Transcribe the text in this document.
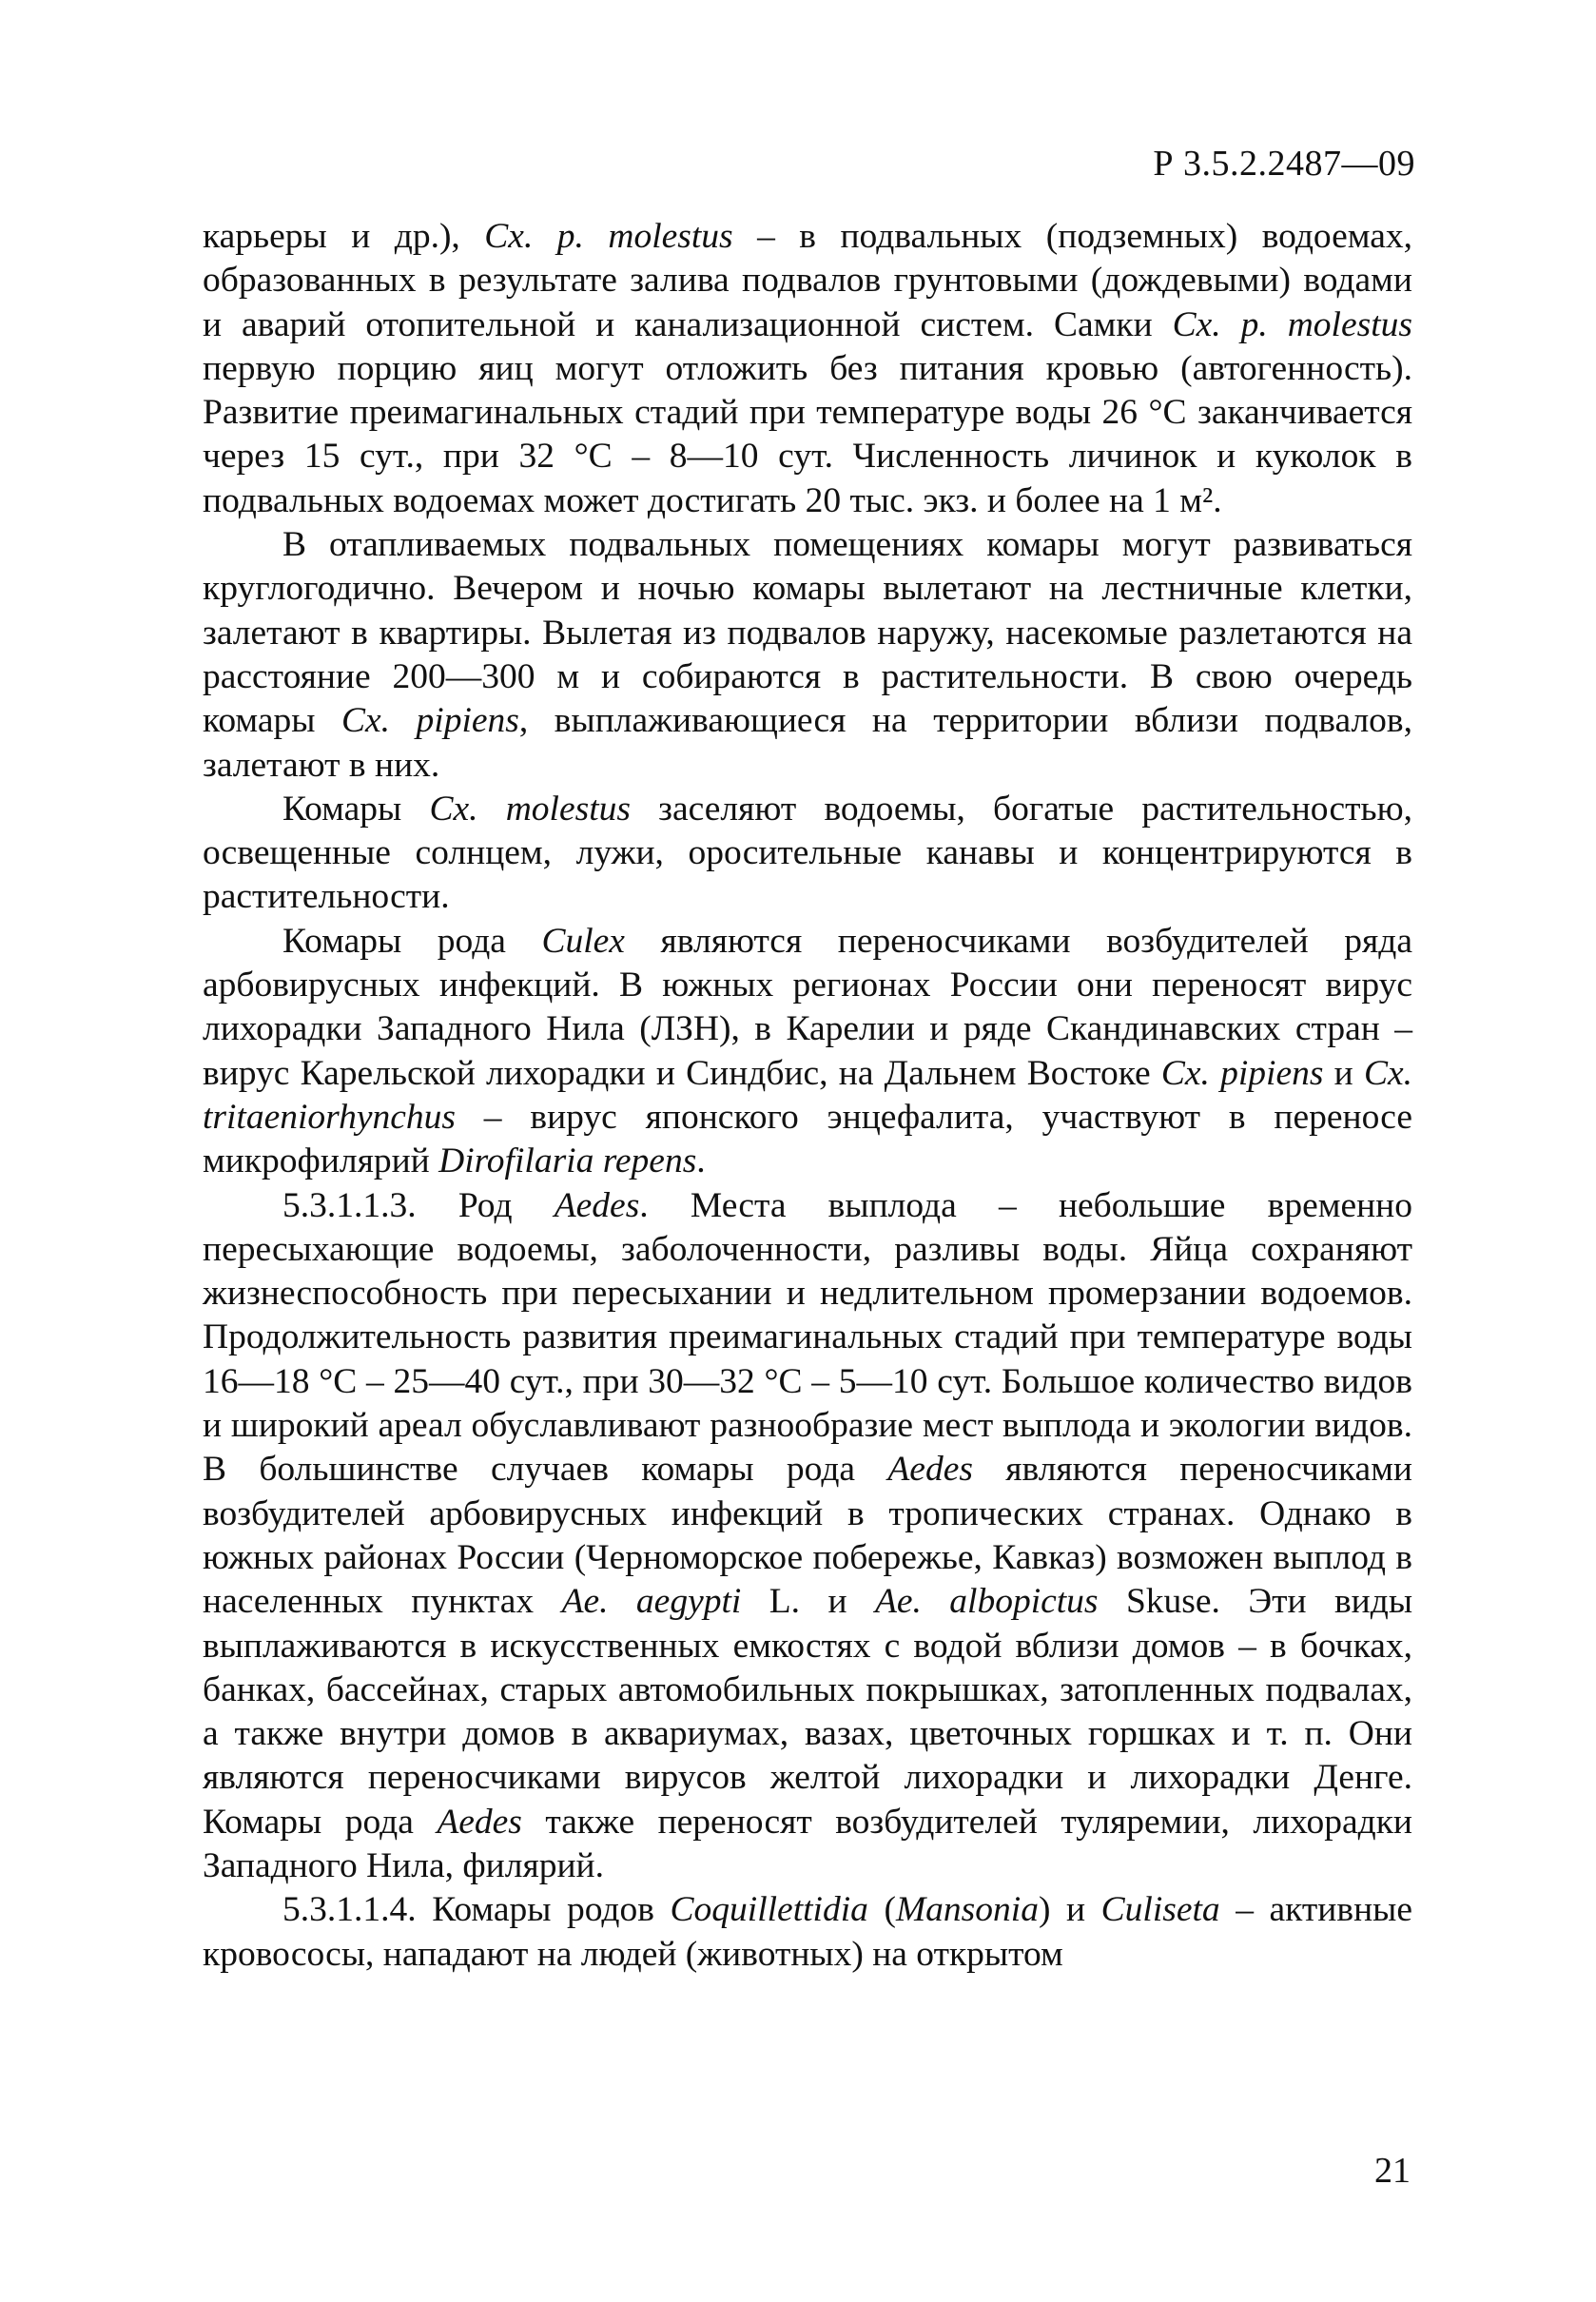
Р 3.5.2.2487—09

карьеры и др.), Cx. p. molestus – в подвальных (подземных) водоемах, образованных в результате залива подвалов грунтовыми (дождевыми) водами и аварий отопительной и канализационной систем. Самки Cx. p. molestus первую порцию яиц могут отложить без питания кровью (автогенность). Развитие преимагинальных стадий при температуре воды 26 °С заканчивается через 15 сут., при 32 °С – 8—10 сут. Численность личинок и куколок в подвальных водоемах может достигать 20 тыс. экз. и более на 1 м².

В отапливаемых подвальных помещениях комары могут развиваться круглогодично. Вечером и ночью комары вылетают на лестничные клетки, залетают в квартиры. Вылетая из подвалов наружу, насекомые разлетаются на расстояние 200—300 м и собираются в растительности. В свою очередь комары Cx. pipiens, выплаживающиеся на территории вблизи подвалов, залетают в них.

Комары Cx. molestus заселяют водоемы, богатые растительностью, освещенные солнцем, лужи, оросительные канавы и концентрируются в растительности.

Комары рода Culex являются переносчиками возбудителей ряда арбовирусных инфекций. В южных регионах России они переносят вирус лихорадки Западного Нила (ЛЗН), в Карелии и ряде Скандинавских стран – вирус Карельской лихорадки и Синдбис, на Дальнем Востоке Cx. pipiens и Cx. tritaeniorhynchus – вирус японского энцефалита, участвуют в переносе микрофилярий Dirofilaria repens.

5.3.1.1.3. Род Aedes. Места выплода – небольшие временно пересыхающие водоемы, заболоченности, разливы воды. Яйца сохраняют жизнеспособность при пересыхании и недлительном промерзании водоемов. Продолжительность развития преимагинальных стадий при температуре воды 16—18 °С – 25—40 сут., при 30—32 °С – 5—10 сут. Большое количество видов и широкий ареал обуславливают разнообразие мест выплода и экологии видов. В большинстве случаев комары рода Aedes являются переносчиками возбудителей арбовирусных инфекций в тропических странах. Однако в южных районах России (Черноморское побережье, Кавказ) возможен выплод в населенных пунктах Ae. aegypti L. и Ae. albopictus Skuse. Эти виды выплаживаются в искусственных емкостях с водой вблизи домов – в бочках, банках, бассейнах, старых автомобильных покрышках, затопленных подвалах, а также внутри домов в аквариумах, вазах, цветочных горшках и т. п. Они являются переносчиками вирусов желтой лихорадки и лихорадки Денге. Комары рода Aedes также переносят возбудителей туляремии, лихорадки Западного Нила, филярий.

5.3.1.1.4. Комары родов Coquillettidia (Mansonia) и Culiseta – активные кровососы, нападают на людей (животных) на открытом

21
